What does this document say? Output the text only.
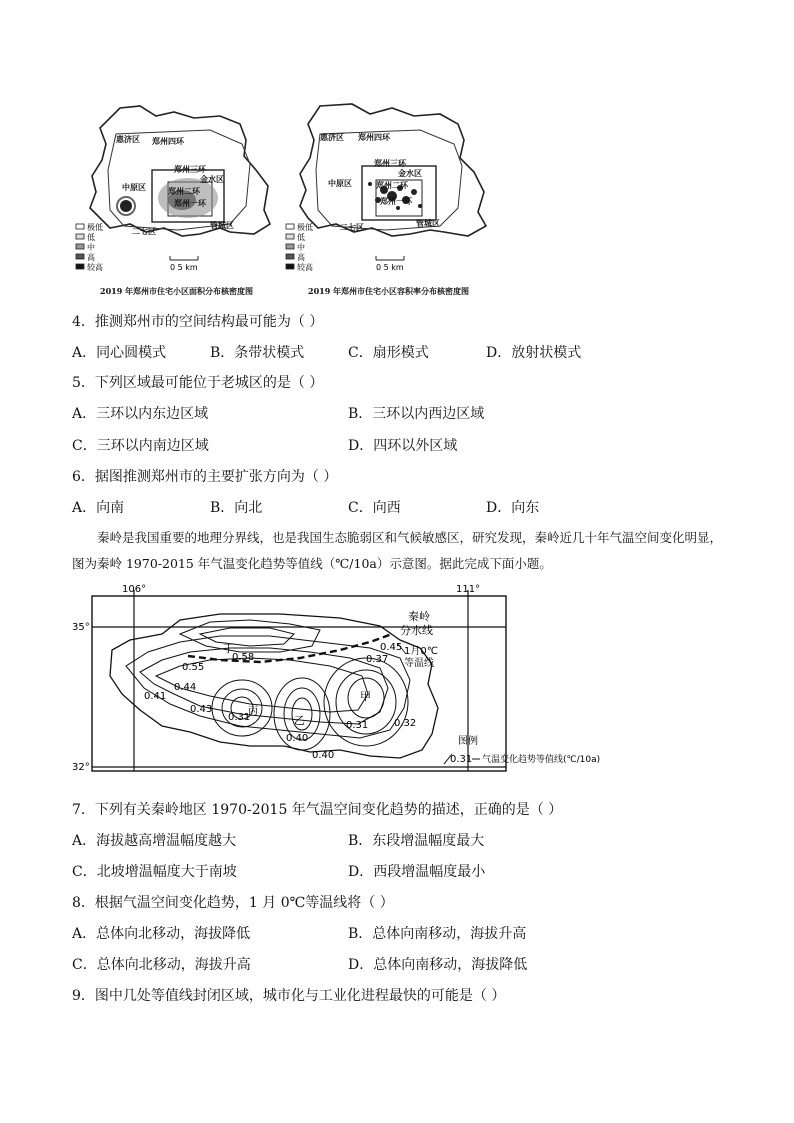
惠济区 郑州四环
郑州三环
金水区
中原区	郑州二环
郑州一环
二七区
管城区
极低
低
中
高
较高	0 5 km
2019 年郑州市住宅小区面积分布核密度图
惠济区 郑州四环
郑州三环
金水区
中原区	郑州二环
郑州一环
二七区	管城区
极低
低
中
高
较高	0 5 km
2019 年郑州市住宅小区容积率分布核密度图
4．推测郑州市的空间结构最可能为（ ）
A．同心圆模式	B．条带状模式	C．扇形模式	D．放射状模式
5．下列区域最可能位于老城区的是（ ）
A．三环以内东边区域	B．三环以内西边区域
C．三环以内南边区域	D．四环以外区域
6．据图推测郑州市的主要扩张方向为（ ）
A．向南	B．向北	C．向西	D．向东
秦岭是我国重要的地理分界线，也是我国生态脆弱区和气候敏感区，研究发现，秦岭近几十年气温空间变化明显，图为秦岭 1970-2015 年气温变化趋势等值线（℃/10a）示意图。据此完成下面小题。
106°	111°
35°
32°
丁
甲
丙
乙
0.58
0.55
0.44
0.41
0.43
0.31
0.40
0.40
0.31	0.32
0.45
0.37
秦岭
分水线
1月0℃
等温线
图例
0.31 气温变化趋势等值线(℃/10a)
7．下列有关秦岭地区 1970-2015 年气温空间变化趋势的描述，正确的是（ ）
A．海拔越高增温幅度越大	B．东段增温幅度最大
C．北坡增温幅度大于南坡	D．西段增温幅度最小
8．根据气温空间变化趋势，1 月 0℃等温线将（ ）
A．总体向北移动，海拔降低	B．总体向南移动，海拔升高
C．总体向北移动，海拔升高	D．总体向南移动，海拔降低
9．图中几处等值线封闭区域，城市化与工业化进程最快的可能是（ ）
